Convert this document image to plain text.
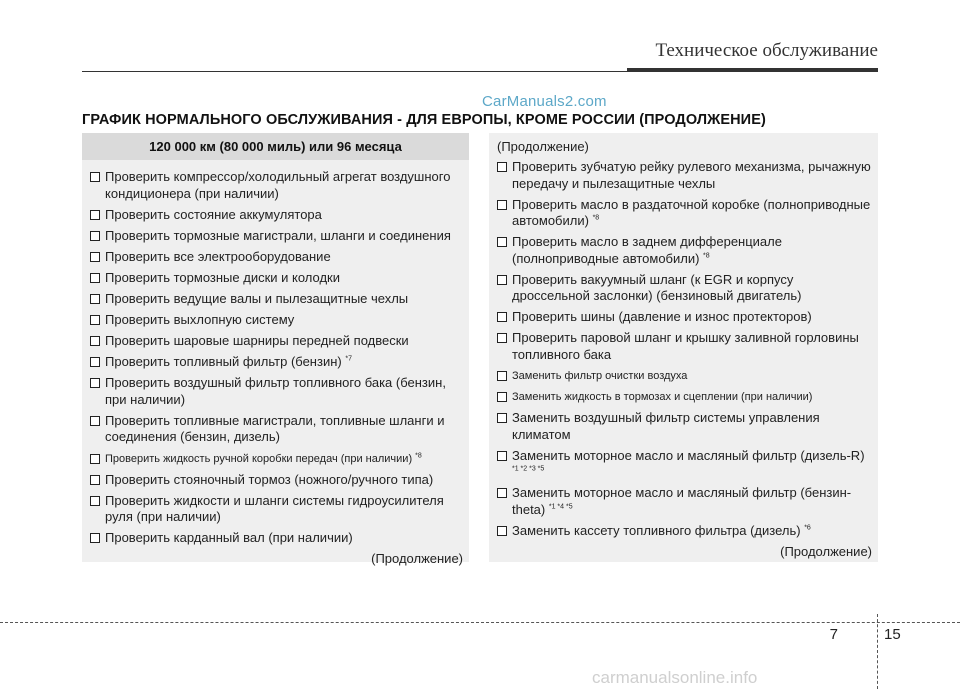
Техническое обслуживание
CarManuals2.com
ГРАФИК НОРМАЛЬНОГО ОБСЛУЖИВАНИЯ - ДЛЯ ЕВРОПЫ, КРОМЕ РОССИИ (ПРОДОЛЖЕНИЕ)
120 000 км (80 000 миль) или 96 месяца
Проверить компрессор/холодильный агрегат воздушного кондиционера (при наличии)
Проверить состояние аккумулятора
Проверить тормозные магистрали, шланги и соединения
Проверить все электрооборудование
Проверить тормозные диски и колодки
Проверить ведущие валы и пылезащитные чехлы
Проверить выхлопную систему
Проверить шаровые шарниры передней подвески
Проверить топливный фильтр (бензин) $^{*7}$
Проверить воздушный фильтр топливного бака (бензин, при наличии)
Проверить топливные магистрали, топливные шланги и соединения (бензин, дизель)
Проверить жидкость ручной коробки передач (при наличии) $^{*8}$
Проверить стояночный тормоз (ножного/ручного типа)
Проверить жидкости и шланги системы гидроусилителя руля (при наличии)
Проверить карданный вал (при наличии)
(Продолжение)
(Продолжение)
Проверить зубчатую рейку рулевого механизма, рычажную передачу и пылезащитные чехлы
Проверить масло в раздаточной коробке (полноприводные автомобили) $^{*8}$
Проверить масло в заднем дифференциале (полноприводные автомобили) $^{*8}$
Проверить вакуумный шланг (к EGR и корпусу дроссельной заслонки) (бензиновый двигатель)
Проверить шины (давление и износ протекторов)
Проверить паровой шланг и крышку заливной горловины топливного бака
Заменить фильтр очистки воздуха
Заменить жидкость в тормозах и сцеплении (при наличии)
Заменить воздушный фильтр системы управления климатом
Заменить моторное масло и масляный фильтр (дизель-R) $^{*1 *2 *3 *5}$
Заменить моторное масло и масляный фильтр (бензин-theta) $^{*1 *4 *5}$
Заменить кассету топливного фильтра (дизель) $^{*6}$
(Продолжение)
7	15
carmanualsonline.info
